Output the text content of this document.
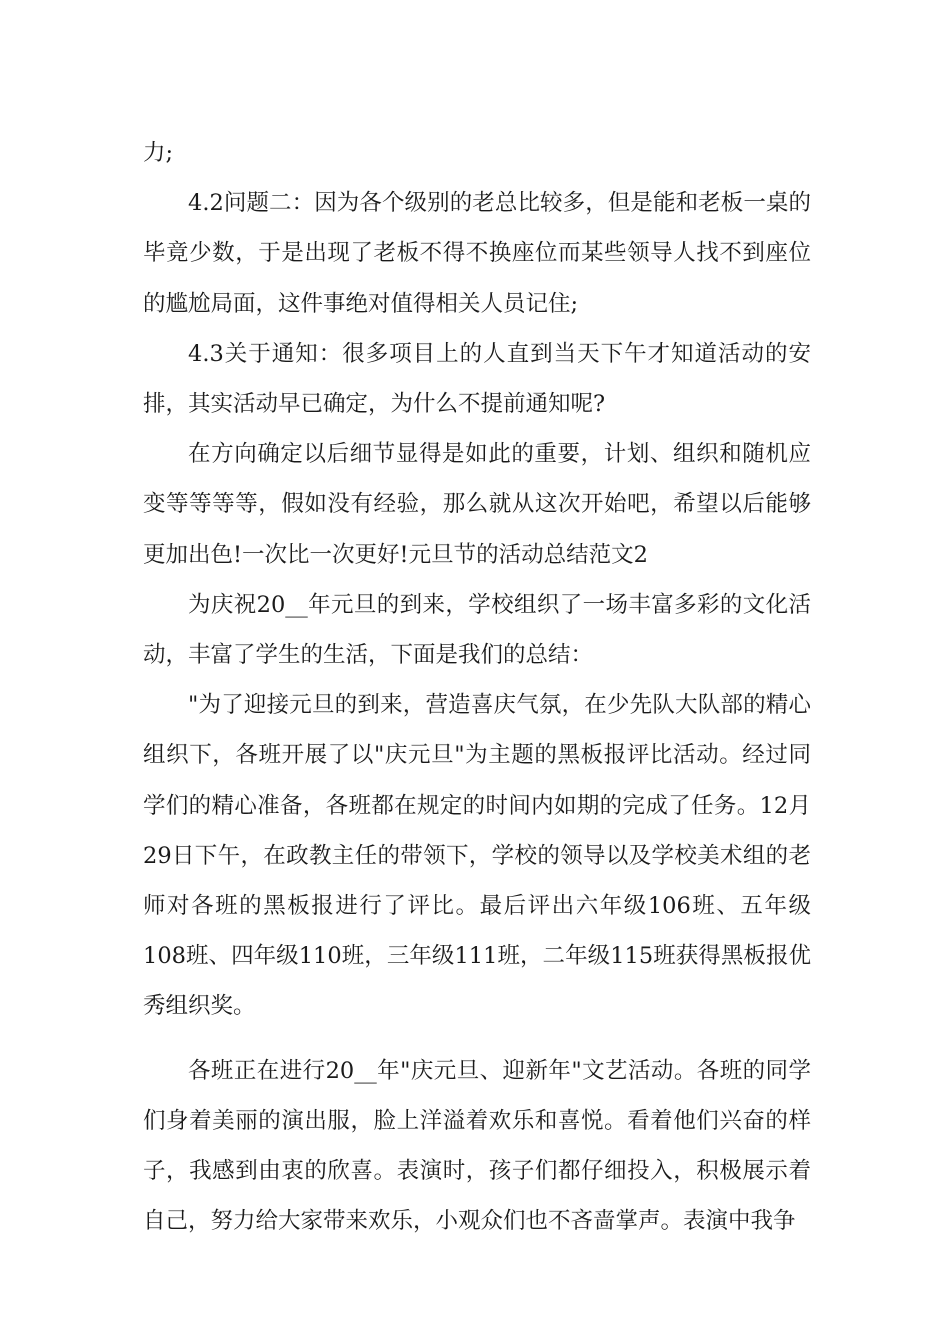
力;

4.2问题二：因为各个级别的老总比较多，但是能和老板一桌的毕竟少数，于是出现了老板不得不换座位而某些领导人找不到座位的尴尬局面，这件事绝对值得相关人员记住;

4.3关于通知：很多项目上的人直到当天下午才知道活动的安排，其实活动早已确定，为什么不提前通知呢?

在方向确定以后细节显得是如此的重要，计划、组织和随机应变等等等等，假如没有经验，那么就从这次开始吧，希望以后能够更加出色!一次比一次更好!元旦节的活动总结范文2

为庆祝20__年元旦的到来，学校组织了一场丰富多彩的文化活动，丰富了学生的生活，下面是我们的总结：

"为了迎接元旦的到来，营造喜庆气氛，在少先队大队部的精心组织下，各班开展了以"庆元旦"为主题的黑板报评比活动。经过同学们的精心准备，各班都在规定的时间内如期的完成了任务。12月29日下午，在政教主任的带领下，学校的领导以及学校美术组的老师对各班的黑板报进行了评比。最后评出六年级106班、五年级108班、四年级110班，三年级111班，二年级115班获得黑板报优秀组织奖。

各班正在进行20__年"庆元旦、迎新年"文艺活动。各班的同学们身着美丽的演出服，脸上洋溢着欢乐和喜悦。看着他们兴奋的样子，我感到由衷的欣喜。表演时，孩子们都仔细投入，积极展示着自己，努力给大家带来欢乐，小观众们也不吝啬掌声。表演中我争
